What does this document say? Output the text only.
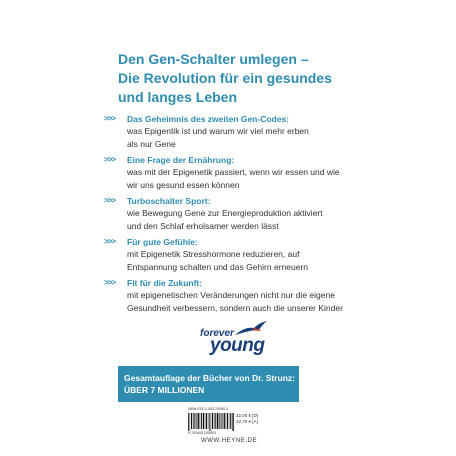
Den Gen-Schalter umlegen –
Die Revolution für ein gesundes
und langes Leben
>>> Das Geheimnis des zweiten Gen-Codes:
was Epigentik ist und warum wir viel mehr erben
als nur Gene
>>> Eine Frage der Ernährung:
was mit der Epigenetik passiert, wenn wir essen und wie
wir uns gesund essen können
>>> Turboschalter Sport:
wie Bewegung Gene zur Energieproduktion aktiviert
und den Schlaf erholsamer werden lässt
>>> Für gute Gefühle:
mit Epigenetik Stresshormone reduzieren, auf
Entspannung schalten und das Gehirn erneuern
>>> Fit für die Zukunft:
mit epigenetischen Veränderungen nicht nur die eigene
Gesundheit verbessern, sondern auch die unserer Kinder
forever
young
Gesamtauflage der Bücher von Dr. Strunz:
ÜBER 7 MILLIONEN
ISBN 978-3-453-20090-3
9 783453 200903
22,00 € [D]
22,70 € [A]
WWW.HEYNE.DE
